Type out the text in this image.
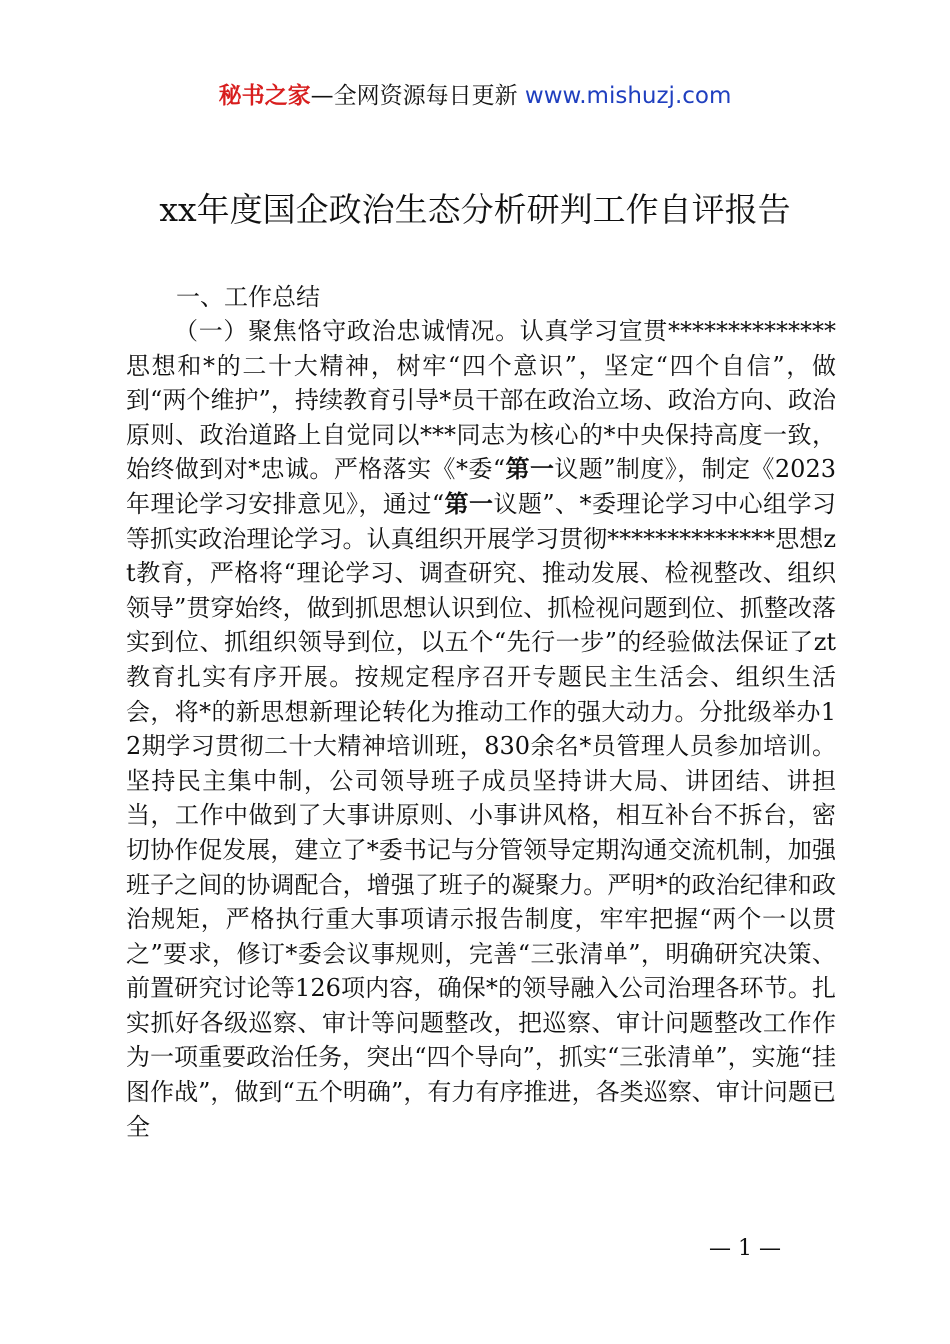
秘书之家—全网资源每日更新 www.mishuzj.com
xx年度国企政治生态分析研判工作自评报告
一、工作总结

（一）聚焦恪守政治忠诚情况。认真学习宣贯**************思想和*的二十大精神，树牢“四个意识”，坚定“四个自信”，做到“两个维护”，持续教育引导*员干部在政治立场、政治方向、政治原则、政治道路上自觉同以***同志为核心的*中央保持高度一致，始终做到对*忠诚。严格落实《*委“第一议题”制度》，制定《2023年理论学习安排意见》，通过“第一议题”、*委理论学习中心组学习等抓实政治理论学习。认真组织开展学习贯彻**************思想zt教育，严格将“理论学习、调查研究、推动发展、检视整改、组织领导”贯穿始终，做到抓思想认识到位、抓检视问题到位、抓整改落实到位、抓组织领导到位，以五个“先行一步”的经验做法保证了zt教育扎实有序开展。按规定程序召开专题民主生活会、组织生活会，将*的新思想新理论转化为推动工作的强大动力。分批级举办12期学习贯彻二十大精神培训班，830余名*员管理人员参加培训。坚持民主集中制，公司领导班子成员坚持讲大局、讲团结、讲担当，工作中做到了大事讲原则、小事讲风格，相互补台不拆台，密切协作促发展，建立了*委书记与分管领导定期沟通交流机制，加强班子之间的协调配合，增强了班子的凝聚力。严明*的政治纪律和政治规矩，严格执行重大事项请示报告制度，牢牢把握“两个一以贯之”要求，修订*委会议事规则，完善“三张清单”，明确研究决策、前置研究讨论等126项内容，确保*的领导融入公司治理各环节。扎实抓好各级巡察、审计等问题整改，把巡察、审计问题整改工作作为一项重要政治任务，突出“四个导向”，抓实“三张清单”，实施“挂图作战”，做到“五个明确”，有力有序推进，各类巡察、审计问题已全

— 1 —
